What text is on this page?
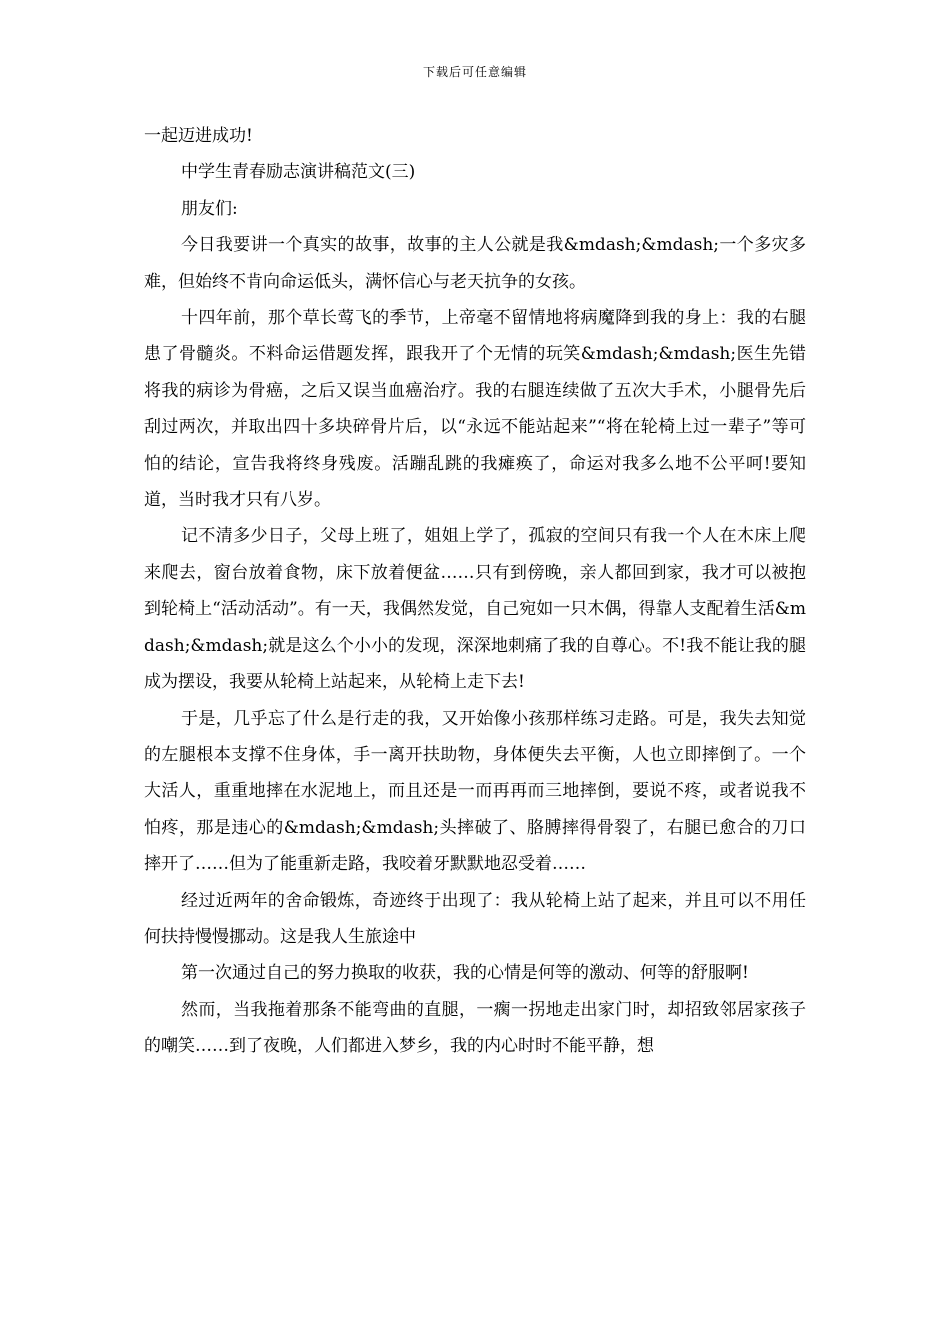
下载后可任意编辑

一起迈进成功!

中学生青春励志演讲稿范文(三)

朋友们:

今日我要讲一个真实的故事，故事的主人公就是我&mdash;&mdash;一个多灾多难，但始终不肯向命运低头，满怀信心与老天抗争的女孩。

十四年前，那个草长莺飞的季节，上帝毫不留情地将病魔降到我的身上：我的右腿患了骨髓炎。不料命运借题发挥，跟我开了个无情的玩笑&mdash;&mdash;医生先错将我的病诊为骨癌，之后又误当血癌治疗。我的右腿连续做了五次大手术，小腿骨先后刮过两次，并取出四十多块碎骨片后，以“永远不能站起来”“将在轮椅上过一辈子”等可怕的结论，宣告我将终身残废。活蹦乱跳的我瘫痪了，命运对我多么地不公平呵!要知道，当时我才只有八岁。

记不清多少日子，父母上班了，姐姐上学了，孤寂的空间只有我一个人在木床上爬来爬去，窗台放着食物，床下放着便盆……只有到傍晚，亲人都回到家，我才可以被抱到轮椅上“活动活动”。有一天，我偶然发觉，自己宛如一只木偶，得靠人支配着生活&mdash;&mdash;就是这么个小小的发现，深深地刺痛了我的自尊心。不!我不能让我的腿成为摆设，我要从轮椅上站起来，从轮椅上走下去!

于是，几乎忘了什么是行走的我，又开始像小孩那样练习走路。可是，我失去知觉的左腿根本支撑不住身体，手一离开扶助物，身体便失去平衡，人也立即摔倒了。一个大活人，重重地摔在水泥地上，而且还是一而再再而三地摔倒，要说不疼，或者说我不怕疼，那是违心的&mdash;&mdash;头摔破了、胳膊摔得骨裂了，右腿已愈合的刀口摔开了……但为了能重新走路，我咬着牙默默地忍受着……

经过近两年的舍命锻炼，奇迹终于出现了：我从轮椅上站了起来，并且可以不用任何扶持慢慢挪动。这是我人生旅途中

第一次通过自己的努力换取的收获，我的心情是何等的激动、何等的舒服啊!

然而，当我拖着那条不能弯曲的直腿，一瘸一拐地走出家门时，却招致邻居家孩子的嘲笑……到了夜晚，人们都进入梦乡，我的内心时时不能平静，想
